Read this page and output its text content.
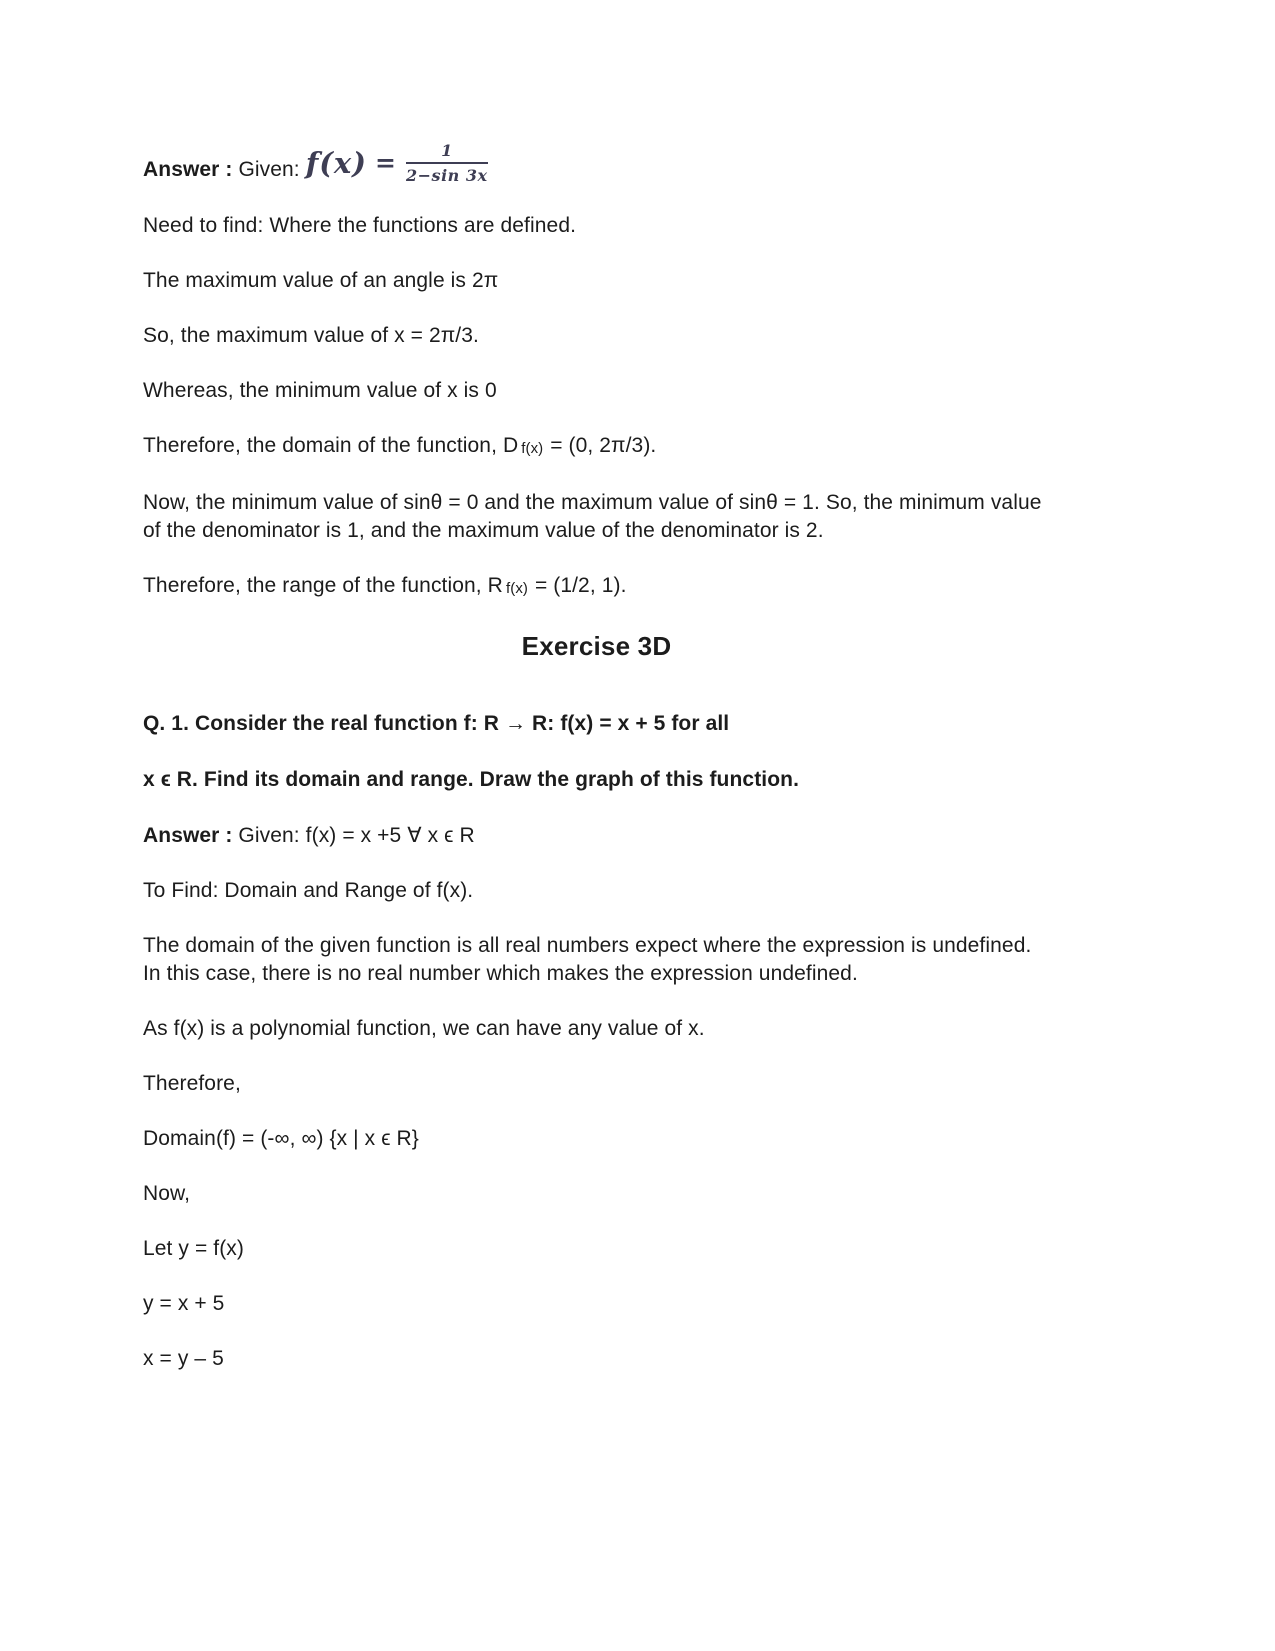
Answer : Given: $f(x) = \frac{1}{2-\sin 3x}$

Need to find: Where the functions are defined.

The maximum value of an angle is 2π

So, the maximum value of x = 2π/3.

Whereas, the minimum value of x is 0

Therefore, the domain of the function, D f(x) = (0, 2π/3).

Now, the minimum value of sinθ = 0 and the maximum value of sinθ = 1. So, the minimum value of the denominator is 1, and the maximum value of the denominator is 2.

Therefore, the range of the function, R f(x) = (1/2, 1).

Exercise 3D

Q. 1. Consider the real function f: R → R: f(x) = x + 5 for all

x ϵ R. Find its domain and range. Draw the graph of this function.

Answer : Given: f(x) = x +5 ∀ x ϵ R

To Find: Domain and Range of f(x).

The domain of the given function is all real numbers expect where the expression is undefined. In this case, there is no real number which makes the expression undefined.

As f(x) is a polynomial function, we can have any value of x.

Therefore,

Domain(f) = (-∞, ∞) {x | x ϵ R}

Now,

Let y = f(x)

y = x + 5

x = y – 5
